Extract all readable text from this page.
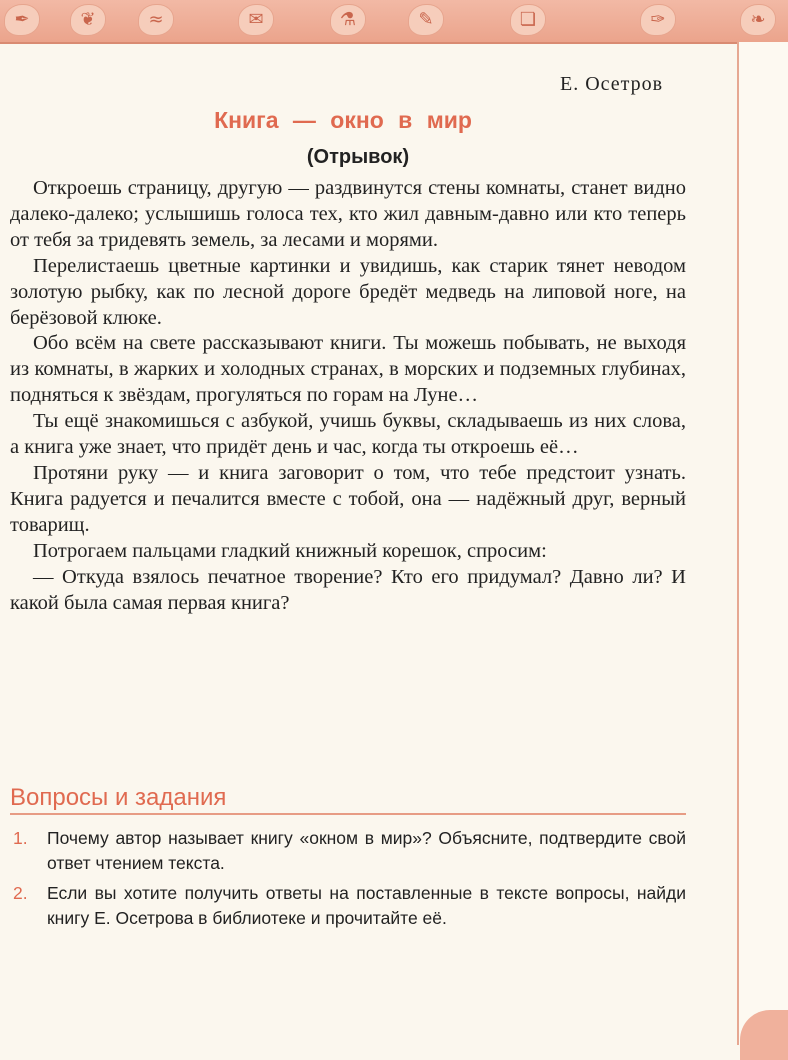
✒	❦	≈	✉	⚗	✎	❏	✑	❧
Е. Осетров
Книга — окно в мир
(Отрывок)

Откроешь страницу, другую — раздвинутся стены комнаты, станет видно далеко-далеко; услышишь голоса тех, кто жил давным-давно или кто теперь от тебя за тридевять земель, за лесами и морями.

Перелистаешь цветные картинки и увидишь, как старик тянет неводом золотую рыбку, как по лесной дороге бредёт медведь на липовой ноге, на берёзовой клюке.

Обо всём на свете рассказывают книги. Ты можешь побывать, не выходя из комнаты, в жарких и холодных странах, в морских и подземных глубинах, подняться к звёздам, прогуляться по горам на Луне…

Ты ещё знакомишься с азбукой, учишь буквы, складываешь из них слова, а книга уже знает, что придёт день и час, когда ты откроешь её…

Протяни руку — и книга заговорит о том, что тебе предстоит узнать. Книга радуется и печалится вместе с тобой, она — надёжный друг, верный товарищ.

Потрогаем пальцами гладкий книжный корешок, спросим:

— Откуда взялось печатное творение? Кто его придумал? Давно ли? И какой была самая первая книга?

Вопросы и задания
1. Почему автор называет книгу «окном в мир»? Объясните, подтвердите свой ответ чтением текста.
2. Если вы хотите получить ответы на поставленные в тексте вопросы, найди книгу Е. Осетрова в библиотеке и прочитайте её.
